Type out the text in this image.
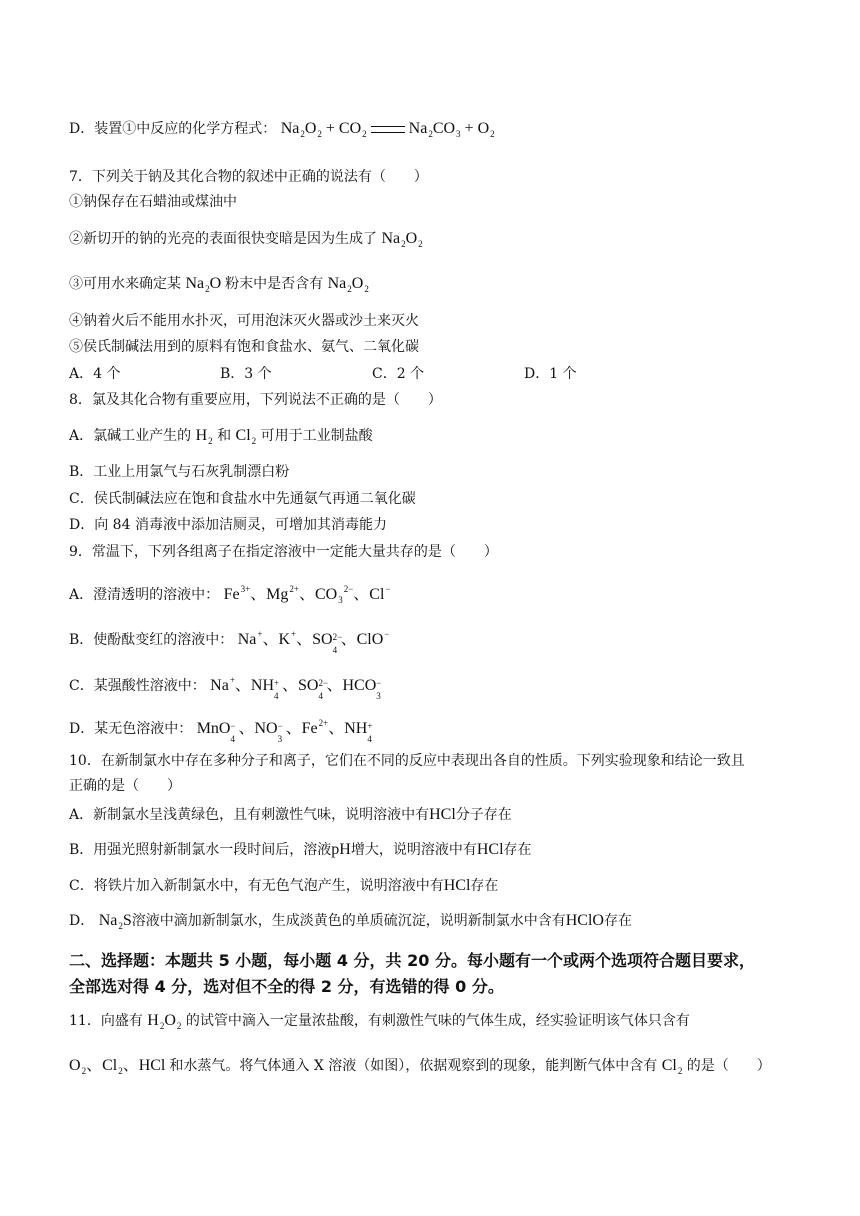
D．装置①中反应的化学方程式： $Na_2O_2 + CO_2$	$Na_2CO_3 + O_2$
7．下列关于钠及其化合物的叙述中正确的说法有（　　）
①钠保存在石蜡油或煤油中
②新切开的钠的光亮的表面很快变暗是因为生成了 $Na_2O_2$
③可用水来确定某 $Na_2O$ 粉末中是否含有 $Na_2O_2$
④钠着火后不能用水扑灭，可用泡沫灭火器或沙土来灭火
⑤侯氏制碱法用到的原料有饱和食盐水、氨气、二氧化碳
A．4 个	B．3 个	C．2 个	D．1 个
8．氯及其化合物有重要应用，下列说法不正确的是（　　）
A．氯碱工业产生的 $H_2$ 和 $Cl_2$ 可用于工业制盐酸
B．工业上用氯气与石灰乳制漂白粉
C．侯氏制碱法应在饱和食盐水中先通氨气再通二氧化碳
D．向 84 消毒液中添加洁厕灵，可增加其消毒能力
9．常温下，下列各组离子在指定溶液中一定能大量共存的是（　　）
A．澄清透明的溶液中： $Fe^{3+}$、$Mg^{2+}$、$CO_3^{2-}$、Cl−
B．使酚酞变红的溶液中： Na+、K+、SO 2−
4
、ClO−
C．某强酸性溶液中： Na+、NH +
4
、SO 2−
4
、HCO −
3
D．某无色溶液中： MnO −
4
、NO −
3
、$Fe^{2+}$、NH +
4
10．在新制氯水中存在多种分子和离子，它们在不同的反应中表现出各自的性质。下列实验现象和结论一致且
正确的是（　　）
A．新制氯水呈浅黄绿色，且有刺激性气味，说明溶液中有HCl分子存在
B．用强光照射新制氯水一段时间后，溶液pH增大，说明溶液中有HCl存在
C．将铁片加入新制氯水中，有无色气泡产生，说明溶液中有HCl存在
D． $Na_2S$溶液中滴加新制氯水，生成淡黄色的单质硫沉淀，说明新制氯水中含有HClO存在
二、选择题：本题共 5 小题，每小题 4 分，共 20 分。每小题有一个或两个选项符合题目要求，
全部选对得 4 分，选对但不全的得 2 分，有选错的得 0 分。
11．向盛有 $H_2O_2$ 的试管中滴入一定量浓盐酸，有刺激性气味的气体生成，经实验证明该气体只含有
$O_2$、$Cl_2$、HCl 和水蒸气。将气体通入 X 溶液（如图），依据观察到的现象，能判断气体中含有 $Cl_2$ 的是（　　）
